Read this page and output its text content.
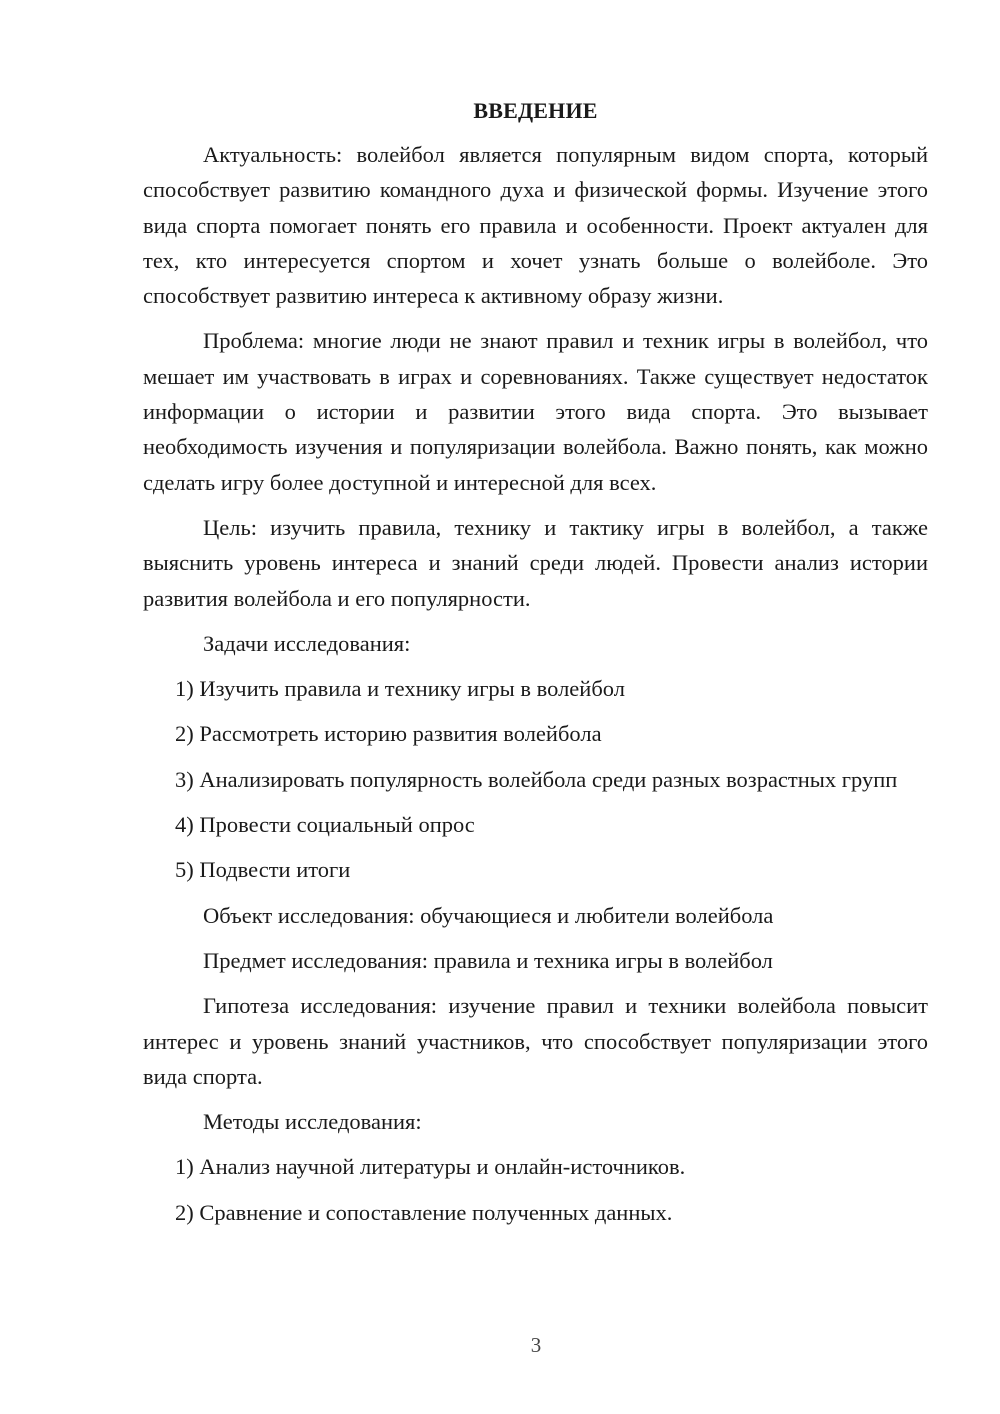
ВВЕДЕНИЕ

Актуальность: волейбол является популярным видом спорта, который способствует развитию командного духа и физической формы. Изучение этого вида спорта помогает понять его правила и особенности. Проект актуален для тех, кто интересуется спортом и хочет узнать больше о волейболе. Это способствует развитию интереса к активному образу жизни.

Проблема: многие люди не знают правил и техник игры в волейбол, что мешает им участвовать в играх и соревнованиях. Также существует недостаток информации о истории и развитии этого вида спорта. Это вызывает необходимость изучения и популяризации волейбола. Важно понять, как можно сделать игру более доступной и интересной для всех.

Цель: изучить правила, технику и тактику игры в волейбол, а также выяснить уровень интереса и знаний среди людей. Провести анализ истории развития волейбола и его популярности.

Задачи исследования:

1) Изучить правила и технику игры в волейбол

2) Рассмотреть историю развития волейбола

3) Анализировать популярность волейбола среди разных возрастных групп

4) Провести социальный опрос

5) Подвести итоги

Объект исследования: обучающиеся и любители волейбола

Предмет исследования: правила и техника игры в волейбол

Гипотеза исследования: изучение правил и техники волейбола повысит интерес и уровень знаний участников, что способствует популяризации этого вида спорта.

Методы исследования:

1) Анализ научной литературы и онлайн-источников.

2) Сравнение и сопоставление полученных данных.

3
